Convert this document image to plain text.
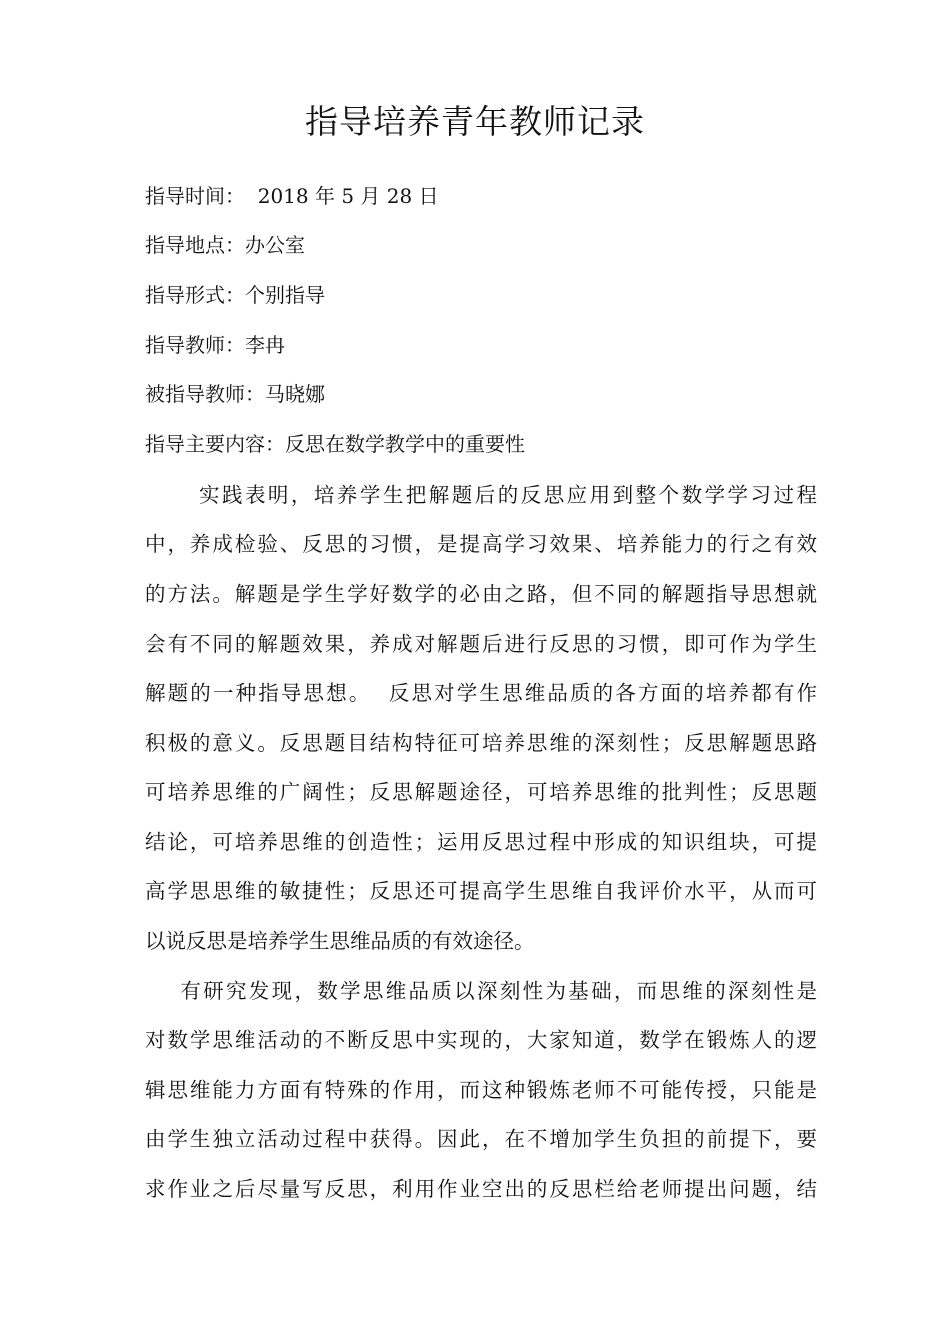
指导培养青年教师记录
指导时间：  2018 年 5 月 28 日
指导地点：办公室
指导形式：个别指导
指导教师：李冉
被指导教师：马晓娜
指导主要内容：反思在数学教学中的重要性
实践表明，培养学生把解题后的反思应用到整个数学学习过程
中，养成检验、反思的习惯，是提高学习效果、培养能力的行之有效
的方法。解题是学生学好数学的必由之路，但不同的解题指导思想就
会有不同的解题效果，养成对解题后进行反思的习惯，即可作为学生
解题的一种指导思想。  反思对学生思维品质的各方面的培养都有作
积极的意义。反思题目结构特征可培养思维的深刻性；反思解题思路
可培养思维的广阔性；反思解题途径，可培养思维的批判性；反思题
结论，可培养思维的创造性；运用反思过程中形成的知识组块，可提
高学思思维的敏捷性；反思还可提高学生思维自我评价水平，从而可
以说反思是培养学生思维品质的有效途径。
有研究发现，数学思维品质以深刻性为基础，而思维的深刻性是
对数学思维活动的不断反思中实现的，大家知道，数学在锻炼人的逻
辑思维能力方面有特殊的作用，而这种锻炼老师不可能传授，只能是
由学生独立活动过程中获得。因此，在不增加学生负担的前提下，要
求作业之后尽量写反思，利用作业空出的反思栏给老师提出问题，结
